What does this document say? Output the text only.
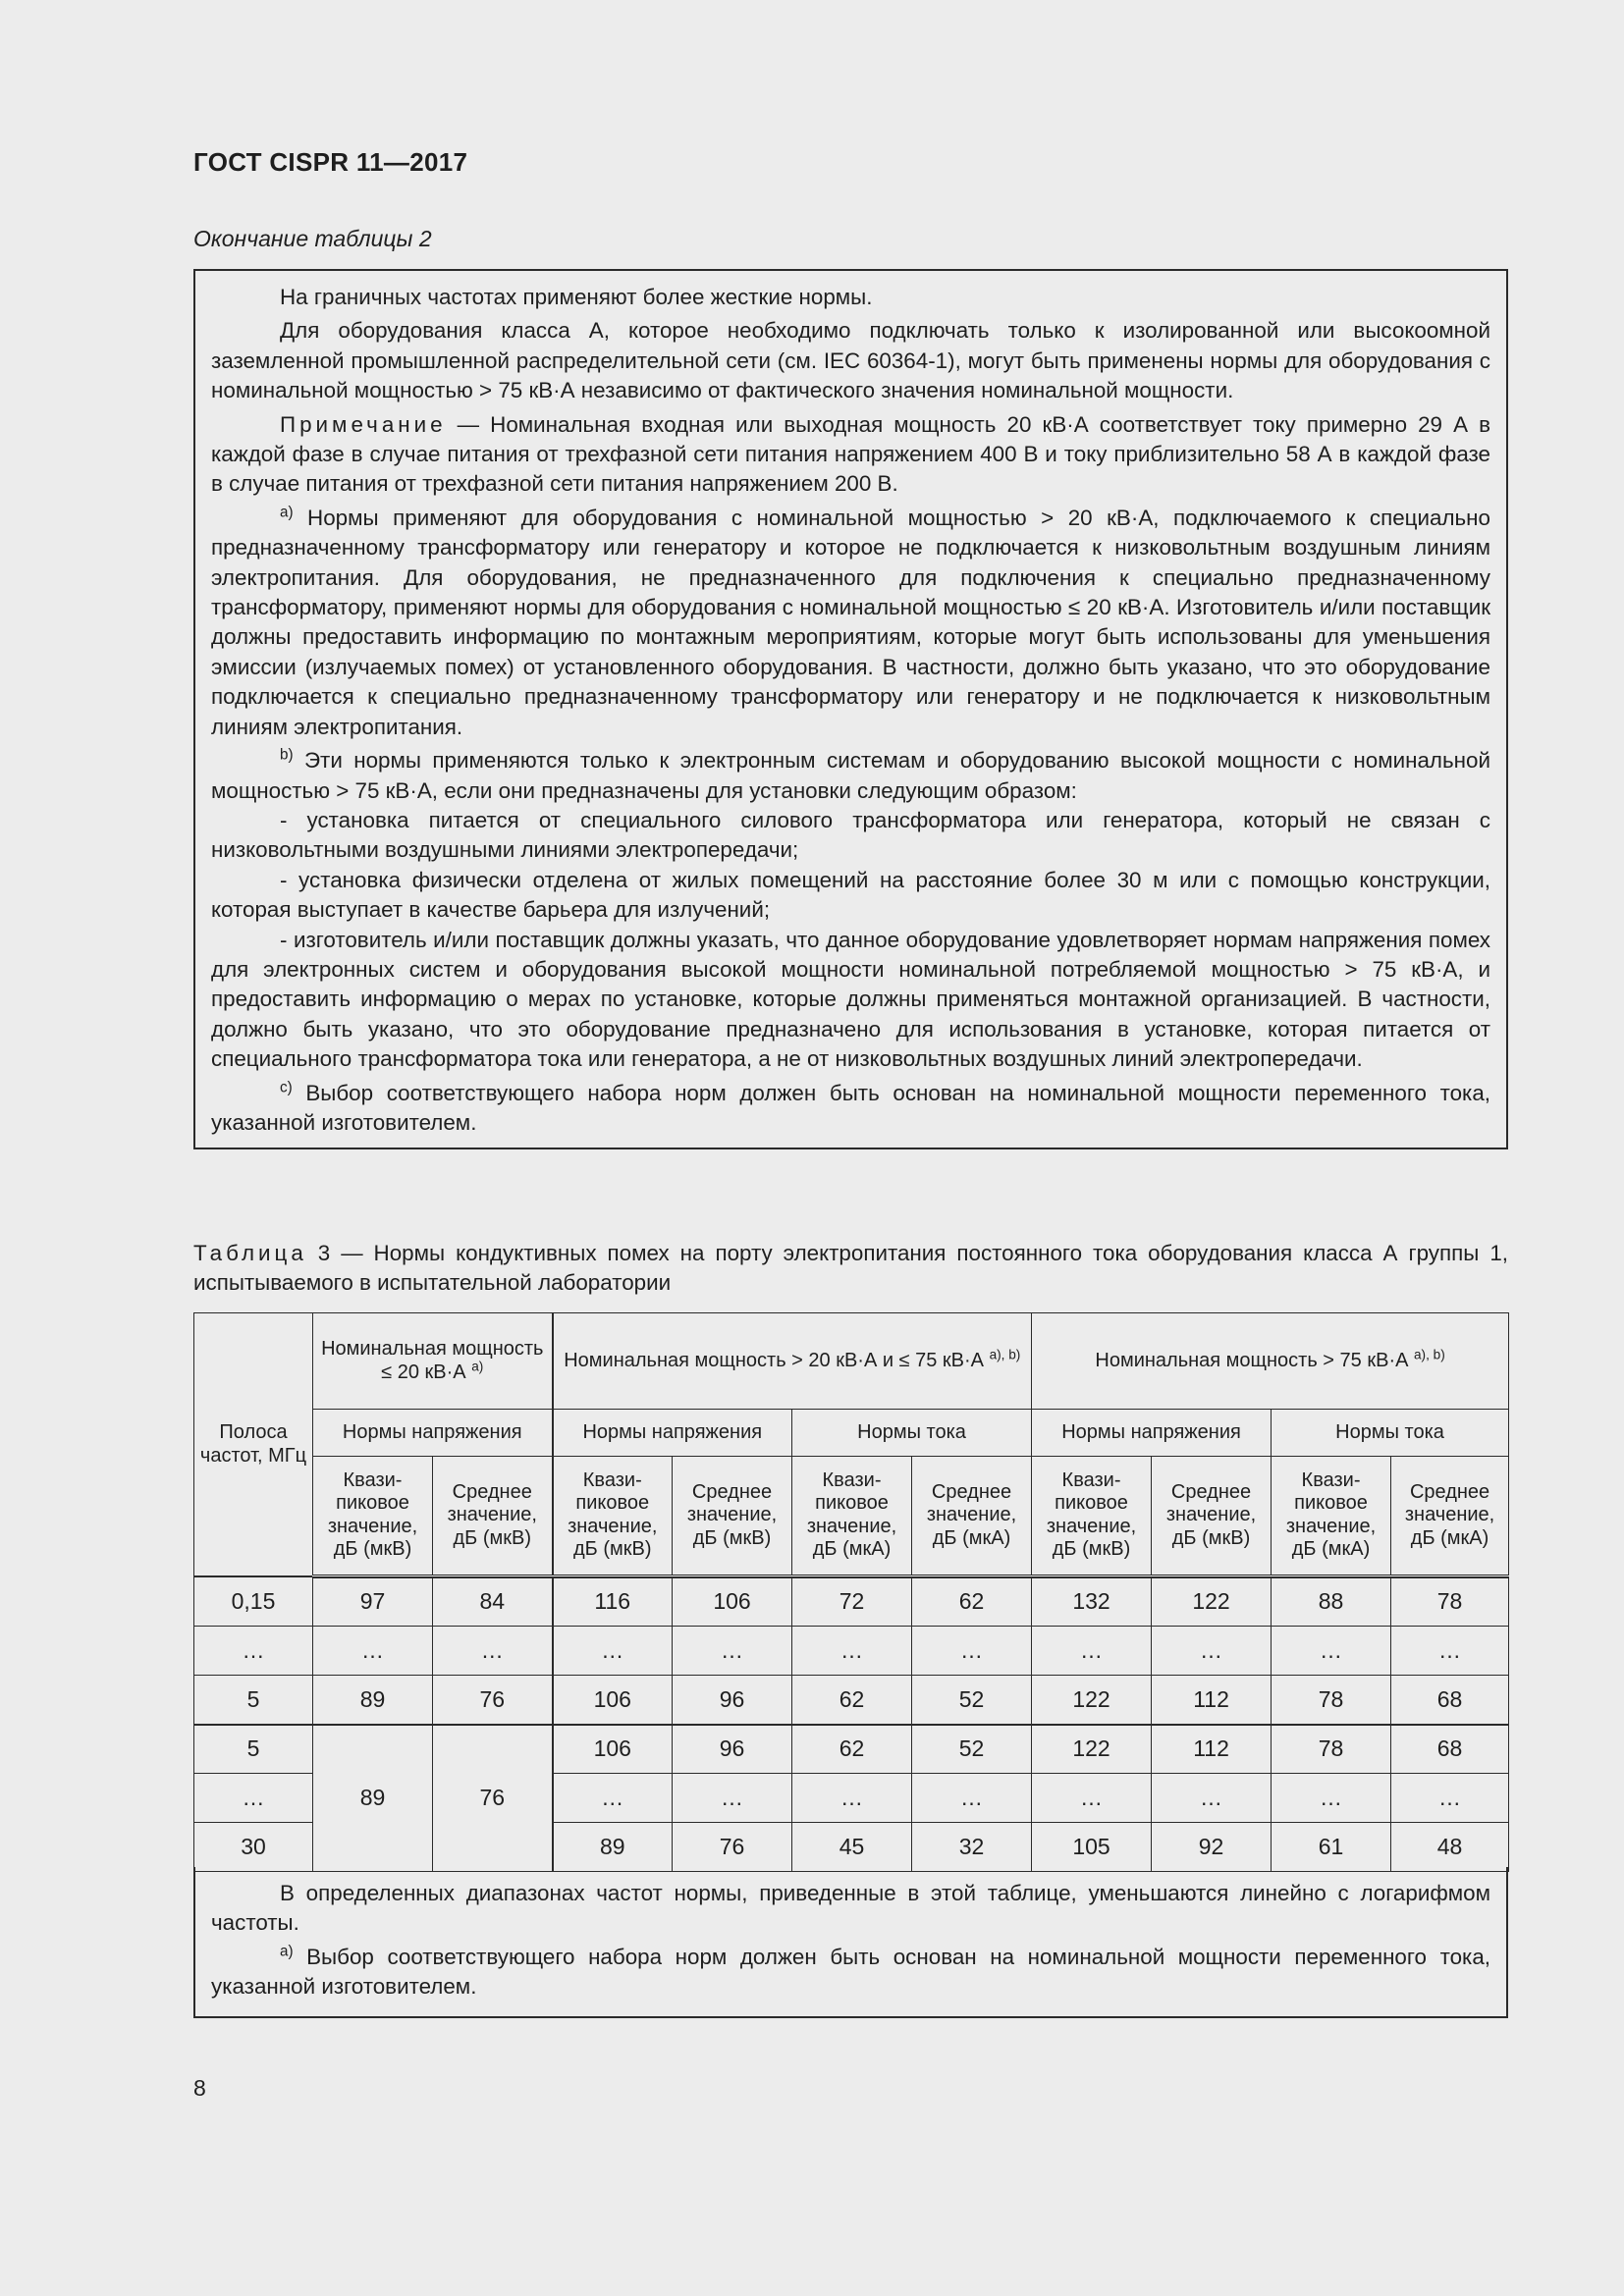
ГОСТ CISPR 11—2017
Окончание таблицы 2

На граничных частотах применяют более жесткие нормы.

Для оборудования класса А, которое необходимо подключать только к изолированной или высокоомной заземленной промышленной распределительной сети (см. IEC 60364-1), могут быть применены нормы для оборудования с номинальной мощностью > 75 кВ·А независимо от фактического значения номинальной мощности.

Примечание — Номинальная входная или выходная мощность 20 кВ·А соответствует току примерно 29 А в каждой фазе в случае питания от трехфазной сети питания напряжением 400 В и току приблизительно 58 А в каждой фазе в случае питания от трехфазной сети питания напряжением 200 В.

$^{a)}$ Нормы применяют для оборудования с номинальной мощностью > 20 кВ·А, подключаемого к специально предназначенному трансформатору или генератору и которое не подключается к низковольтным воздушным линиям электропитания. Для оборудования, не предназначенного для подключения к специально предназначенному трансформатору, применяют нормы для оборудования с номинальной мощностью ≤ 20 кВ·А. Изготовитель и/или поставщик должны предоставить информацию по монтажным мероприятиям, которые могут быть использованы для уменьшения эмиссии (излучаемых помех) от установленного оборудования. В частности, должно быть указано, что это оборудование подключается к специально предназначенному трансформатору или генератору и не подключается к низковольтным линиям электропитания.

$^{b)}$ Эти нормы применяются только к электронным системам и оборудованию высокой мощности с номинальной мощностью > 75 кВ·А, если они предназначены для установки следующим образом:

- установка питается от специального силового трансформатора или генератора, который не связан с низковольтными воздушными линиями электропередачи;

- установка физически отделена от жилых помещений на расстояние более 30 м или с помощью конструкции, которая выступает в качестве барьера для излучений;

- изготовитель и/или поставщик должны указать, что данное оборудование удовлетворяет нормам напряжения помех для электронных систем и оборудования высокой мощности номинальной потребляемой мощностью > 75 кВ·А, и предоставить информацию о мерах по установке, которые должны применяться монтажной организацией. В частности, должно быть указано, что это оборудование предназначено для использования в установке, которая питается от специального трансформатора тока или генератора, а не от низковольтных воздушных линий электропередачи.

$^{c)}$ Выбор соответствующего набора норм должен быть основан на номинальной мощности переменного тока, указанной изготовителем.

Таблица 3 — Нормы кондуктивных помех на порту электропитания постоянного тока оборудования класса А группы 1, испытываемого в испытательной лаборатории
Полоса частот, МГц	Номинальная мощность ≤ 20 кВ·А $^{a)}$		Номинальная мощность > 20 кВ·А и ≤ 75 кВ·А $^{a), b)}$				Номинальная мощность > 75 кВ·А $^{a), b)}$
	Нормы напряжения		Нормы напряжения		Нормы тока		Нормы напряжения		Нормы тока	
	Квази-пиковое значение, дБ (мкВ)	Среднее значение, дБ (мкВ)	Квази-пиковое значение, дБ (мкВ)	Среднее значение, дБ (мкВ)	Квази-пиковое значение, дБ (мкА)	Среднее значение, дБ (мкА)	Квази-пиковое значение, дБ (мкВ)	Среднее значение, дБ (мкВ)	Квази-пиковое значение, дБ (мкА)	Среднее значение, дБ (мкА)

0,15	97	84	116	106	72	62	132	122	88	78
…	…	…	…	…	…	…	…	…	…	…
5	89	76	106	96	62	52	122	112	78	68
5	89	76	106	96	62	52	122	112	78	68
…			…	…	…	…	…	…	…	…
30			89	76	45	32	105	92	61	48

В определенных диапазонах частот нормы, приведенные в этой таблице, уменьшаются линейно с логарифмом частоты.

$^{a)}$ Выбор соответствующего набора норм должен быть основан на номинальной мощности переменного тока, указанной изготовителем.

8
